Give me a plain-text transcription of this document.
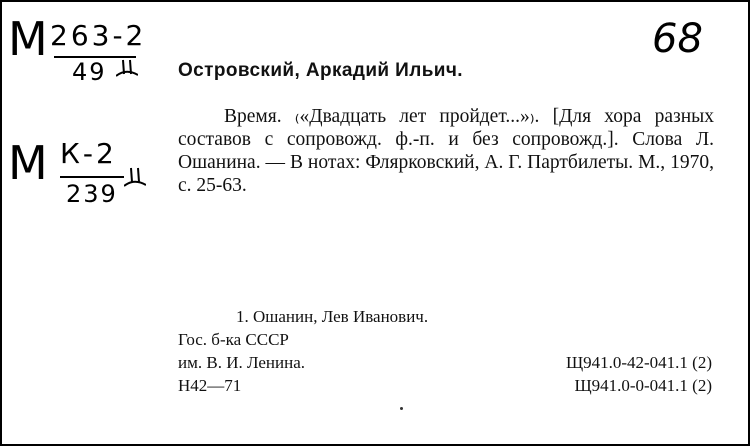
М 263-2
49
М К-2
239
68
Островский, Аркадий Ильич.
Время. ₍«Двадцать лет пройдет...»₎. [Для хора разных составов с сопровожд. ф.-п. и без сопровожд.]. Слова Л. Ошанина. — В нотах: Флярковский, А. Г. Партбилеты. М., 1970, с. 25-63.
1. Ошанин, Лев Иванович.
Гос. б-ка СССР
им. В. И. Ленина.
Н42—71
Щ941.0-42-041.1 (2)
Щ941.0-0-041.1 (2)
